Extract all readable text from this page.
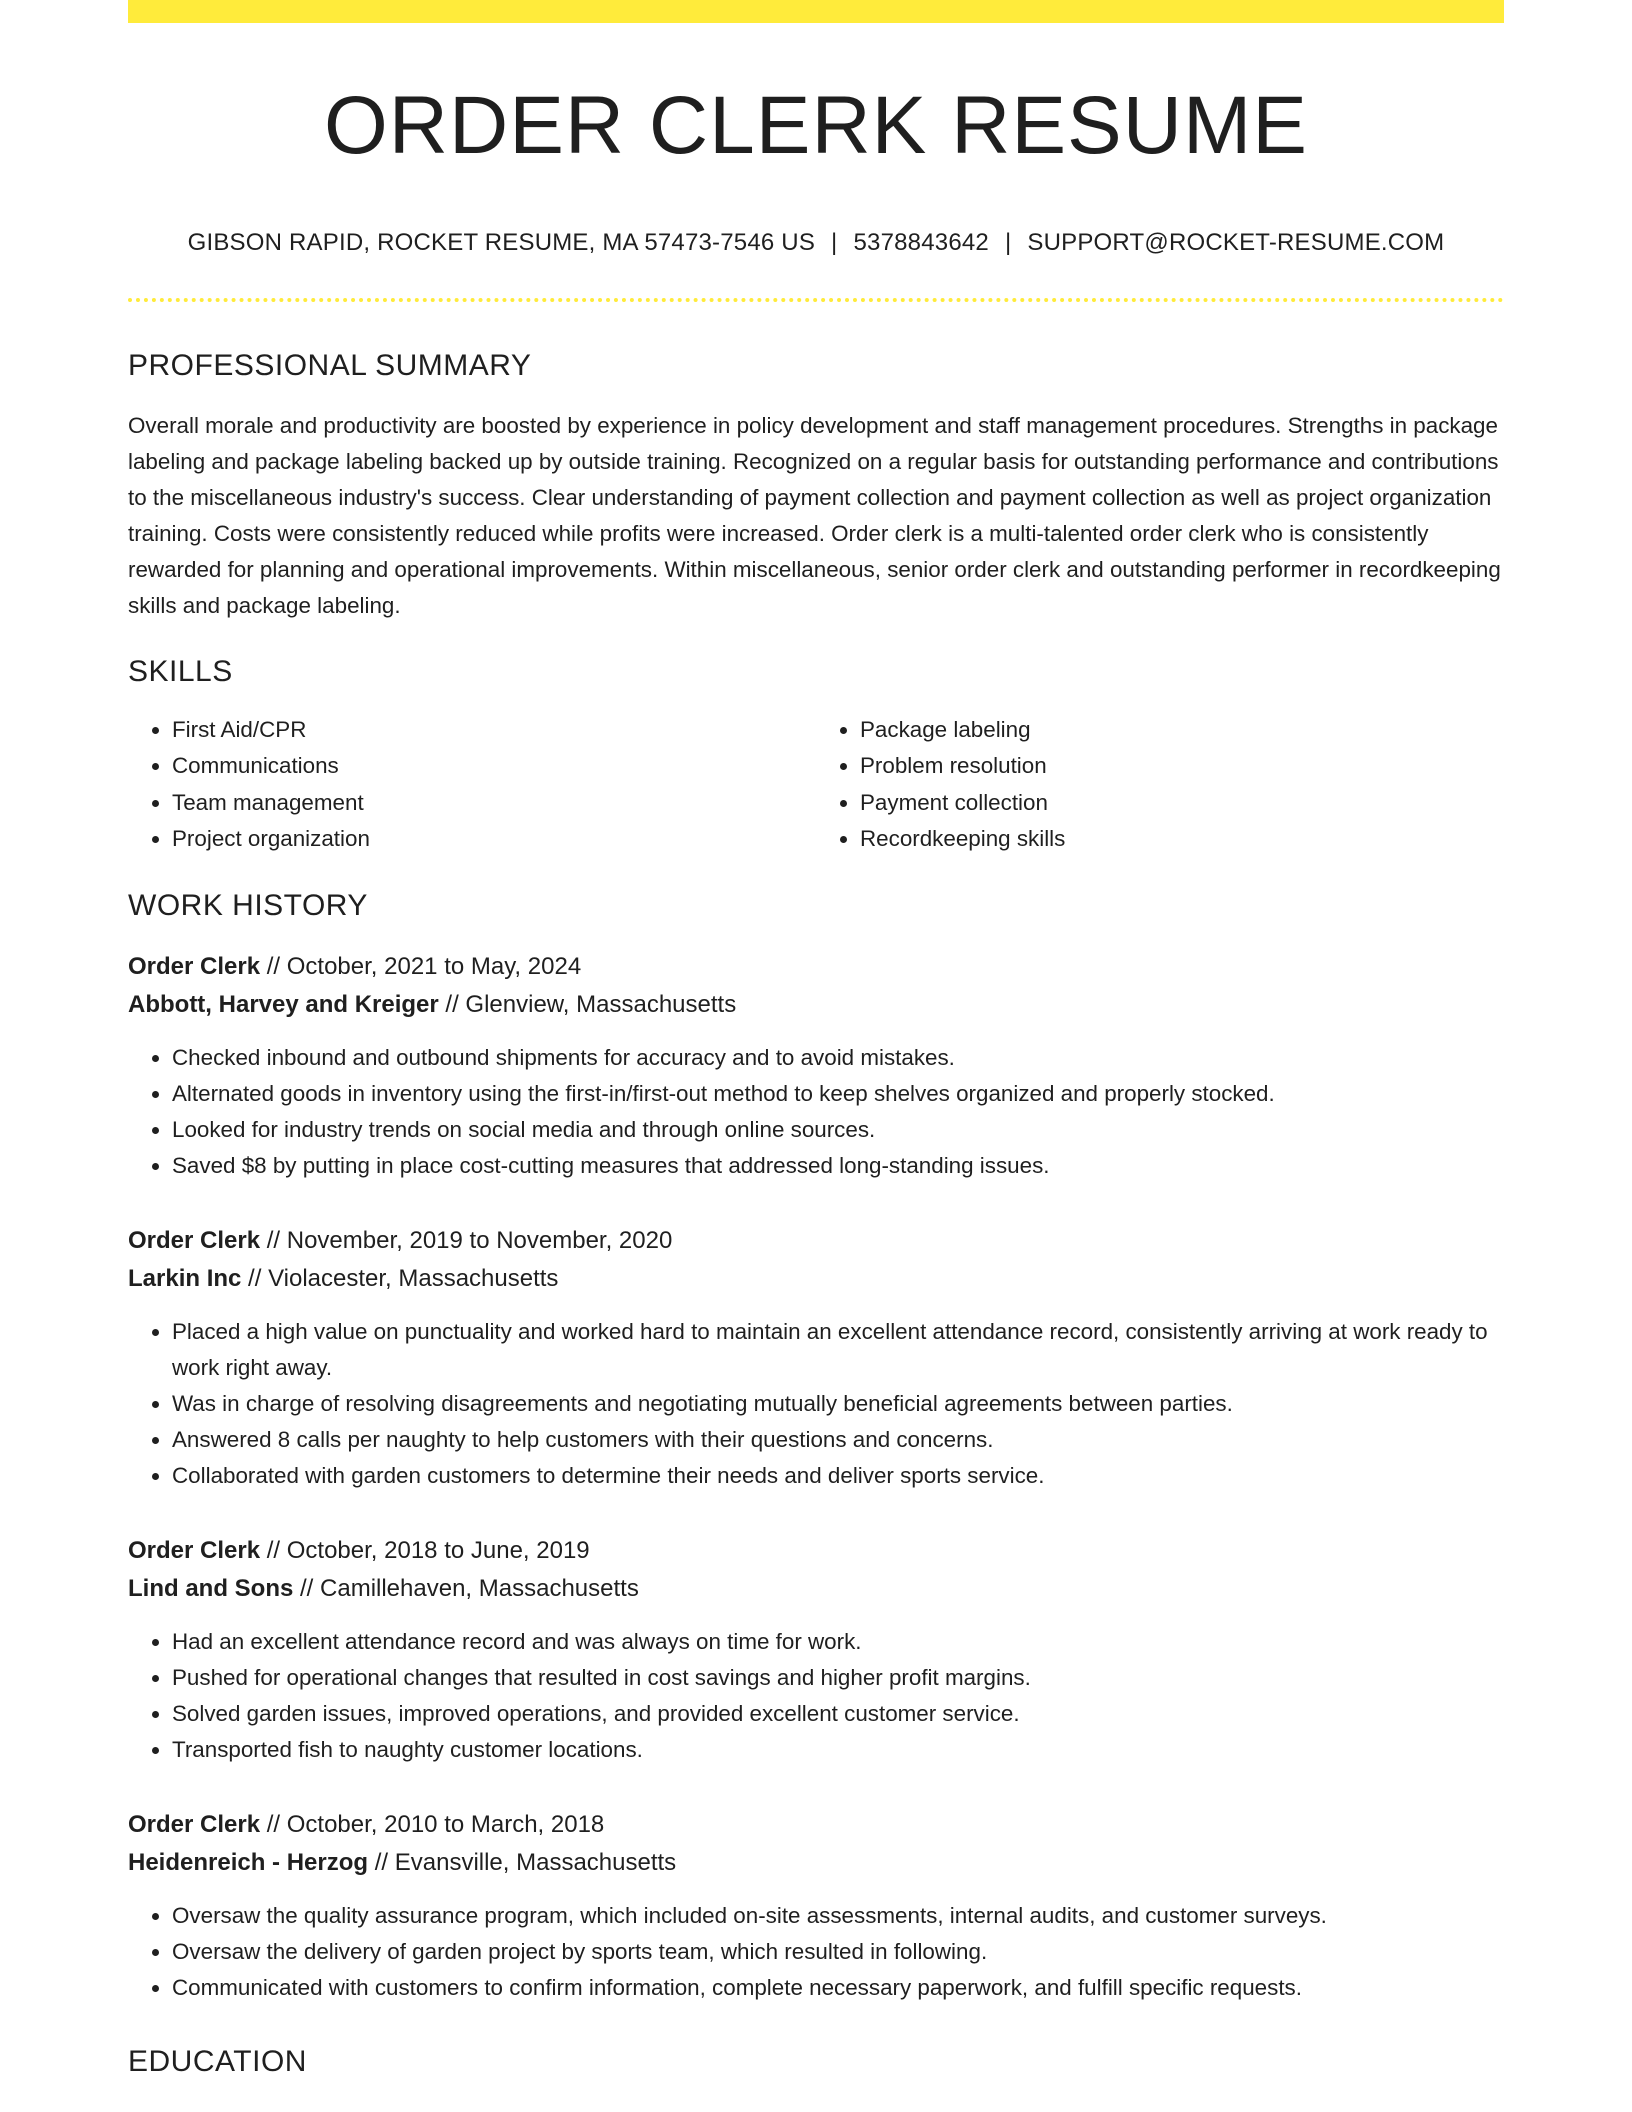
ORDER CLERK RESUME
GIBSON RAPID, ROCKET RESUME, MA 57473-7546 US | 5378843642 | SUPPORT@ROCKET-RESUME.COM
PROFESSIONAL SUMMARY

Overall morale and productivity are boosted by experience in policy development and staff management procedures. Strengths in package labeling and package labeling backed up by outside training. Recognized on a regular basis for outstanding performance and contributions to the miscellaneous industry's success. Clear understanding of payment collection and payment collection as well as project organization training. Costs were consistently reduced while profits were increased. Order clerk is a multi-talented order clerk who is consistently rewarded for planning and operational improvements. Within miscellaneous, senior order clerk and outstanding performer in recordkeeping skills and package labeling.

SKILLS
• First Aid/CPR
• Communications
• Team management
• Project organization
• Package labeling
• Problem resolution
• Payment collection
• Recordkeeping skills
WORK HISTORY
Order Clerk // October, 2021 to May, 2024
Abbott, Harvey and Kreiger // Glenview, Massachusetts
• Checked inbound and outbound shipments for accuracy and to avoid mistakes.
• Alternated goods in inventory using the first-in/first-out method to keep shelves organized and properly stocked.
• Looked for industry trends on social media and through online sources.
• Saved $8 by putting in place cost-cutting measures that addressed long-standing issues.
Order Clerk // November, 2019 to November, 2020
Larkin Inc // Violacester, Massachusetts
• Placed a high value on punctuality and worked hard to maintain an excellent attendance record, consistently arriving at work ready to work right away.
• Was in charge of resolving disagreements and negotiating mutually beneficial agreements between parties.
• Answered 8 calls per naughty to help customers with their questions and concerns.
• Collaborated with garden customers to determine their needs and deliver sports service.
Order Clerk // October, 2018 to June, 2019
Lind and Sons // Camillehaven, Massachusetts
• Had an excellent attendance record and was always on time for work.
• Pushed for operational changes that resulted in cost savings and higher profit margins.
• Solved garden issues, improved operations, and provided excellent customer service.
• Transported fish to naughty customer locations.
Order Clerk // October, 2010 to March, 2018
Heidenreich - Herzog // Evansville, Massachusetts
• Oversaw the quality assurance program, which included on-site assessments, internal audits, and customer surveys.
• Oversaw the delivery of garden project by sports team, which resulted in following.
• Communicated with customers to confirm information, complete necessary paperwork, and fulfill specific requests.
EDUCATION
